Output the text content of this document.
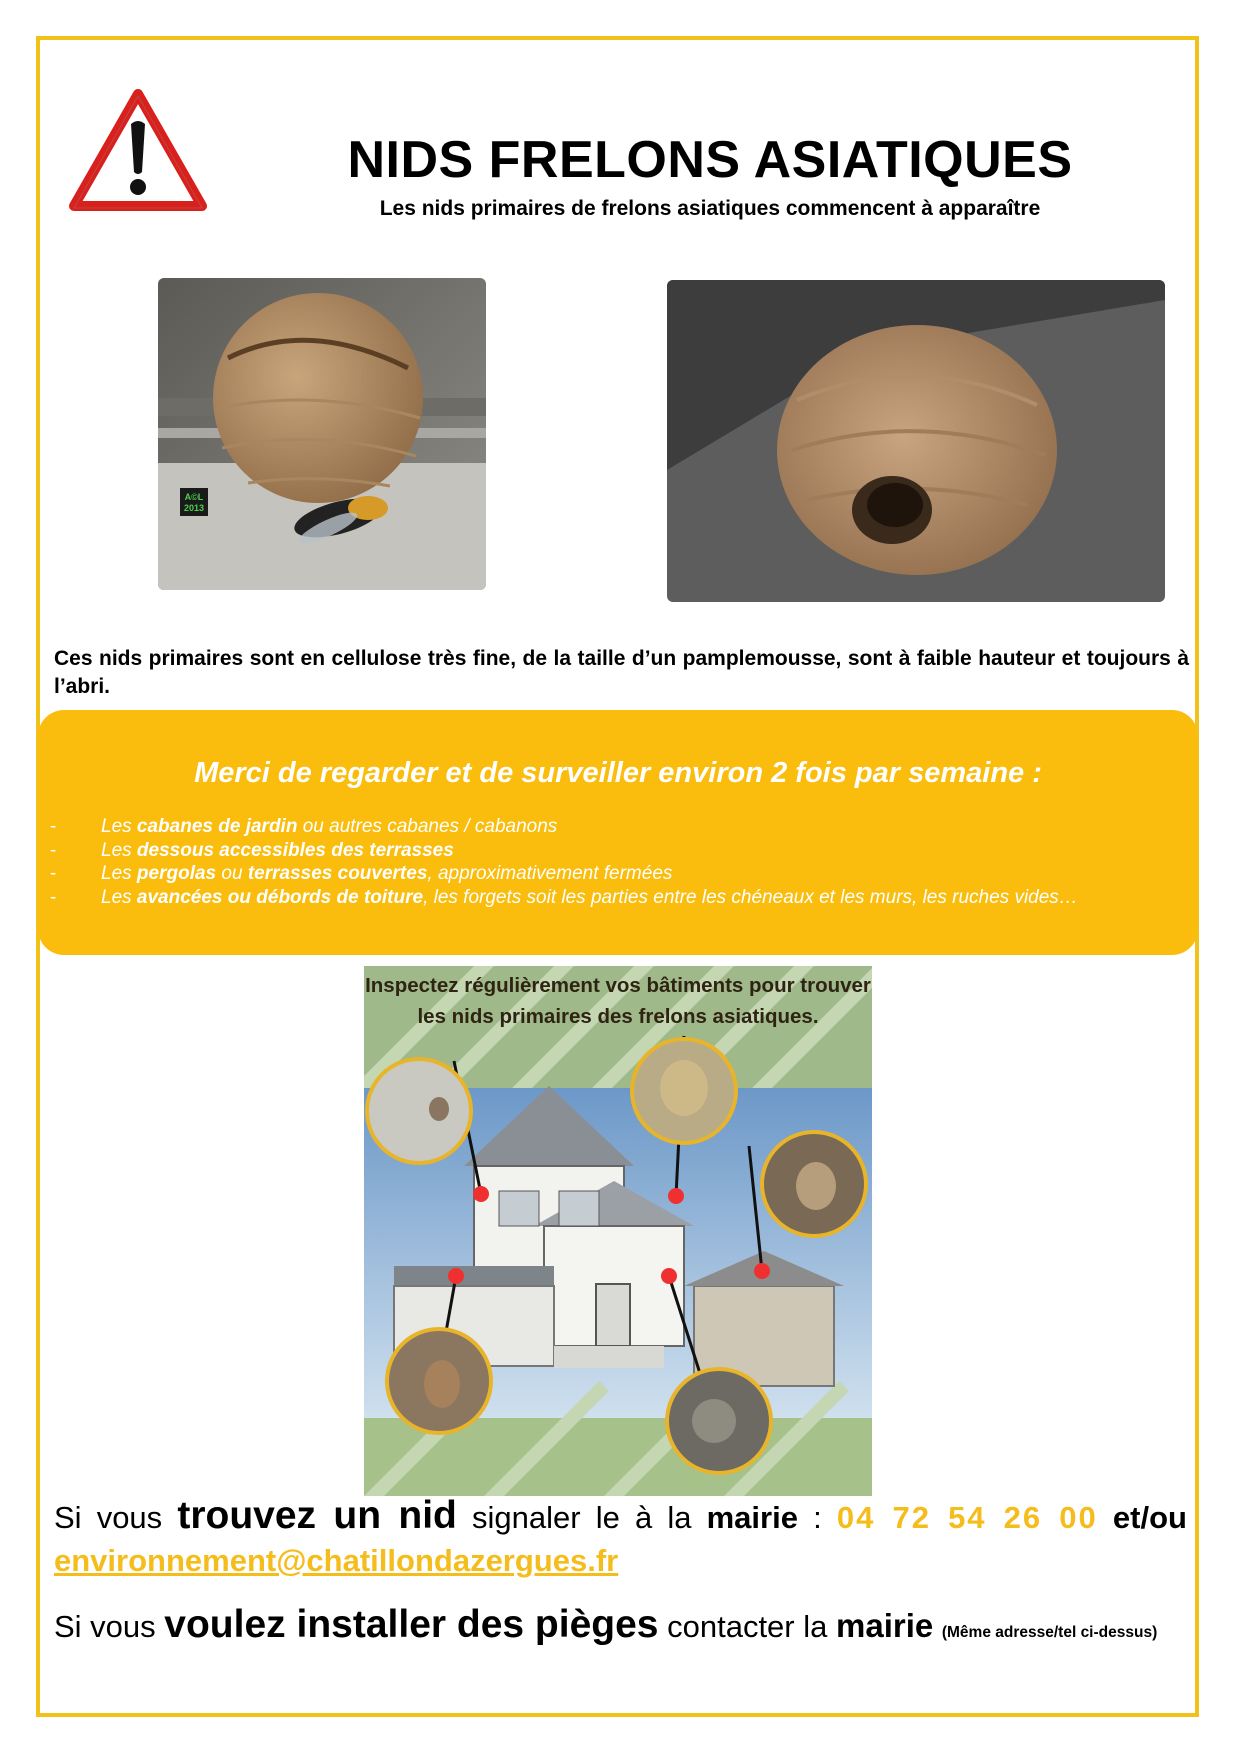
NIDS FRELONS ASIATIQUES
Les nids primaires de frelons asiatiques commencent à apparaître
A©L
2013
Ces nids primaires sont en cellulose très fine, de la taille d’un pamplemousse, sont à faible hauteur et toujours à l’abri.
Merci de regarder et de surveiller environ 2 fois par semaine :
- Les cabanes de jardin ou autres cabanes / cabanons
- Les dessous accessibles des terrasses
- Les pergolas ou terrasses couvertes, approximativement fermées
- Les avancées ou débords de toiture, les forgets soit les parties entre les chéneaux et les murs, les ruches vides…
Inspectez régulièrement vos bâtiments pour trouver les nids primaires des frelons asiatiques.
Si vous trouvez un nid signaler le à la mairie : 04 72 54 26 00 et/ou
environnement@chatillondazergues.fr
Si vous voulez installer des pièges contacter la mairie (Même adresse/tel ci-dessus)
